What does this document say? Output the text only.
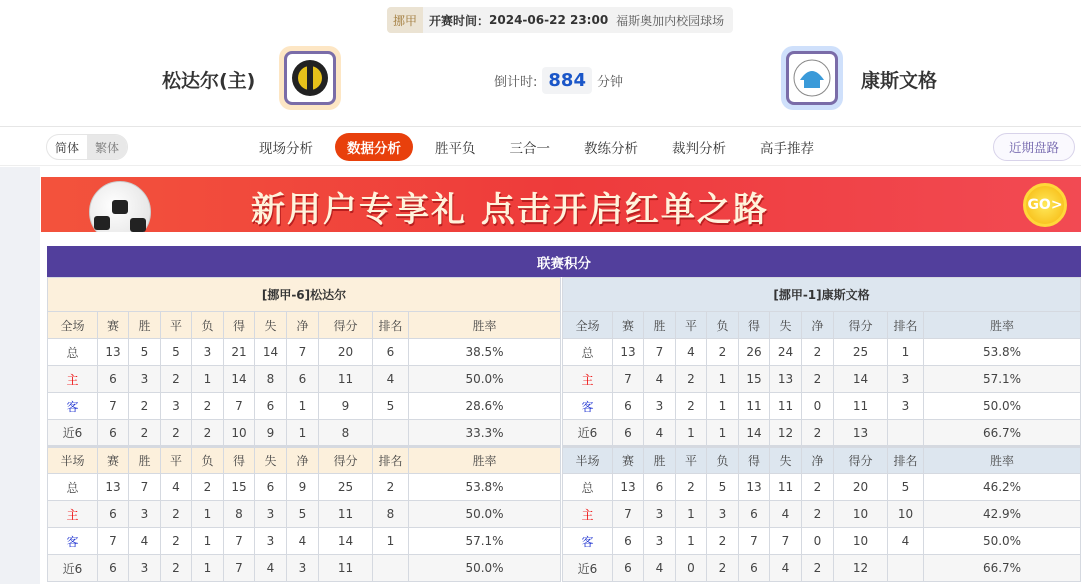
挪甲	开赛时间： 2024-06-22 23:00 福斯奥加内校园球场
松达尔(主)	倒计时: 884 分钟	康斯文格
简体	繁体	现场分析	数据分析	胜平负	三合一	教练分析	裁判分析	高手推荐	近期盘路
新用户专享礼 点击开启红单之路	GO>
联赛积分
[挪甲-6]松达尔										
全场	赛	胜	平	负	得	失	净	得分	排名	胜率
总	13	5	5	3	21	14	7	20	6	38.5%
主	6	3	2	1	14	8	6	11	4	50.0%
客	7	2	3	2	7	6	1	9	5	28.6%
近6	6	2	2	2	10	9	1	8		33.3%
半场	赛	胜	平	负	得	失	净	得分	排名	胜率
总	13	7	4	2	15	6	9	25	2	53.8%
主	6	3	2	1	8	3	5	11	8	50.0%
客	7	4	2	1	7	3	4	14	1	57.1%
近6	6	3	2	1	7	4	3	11		50.0%
[挪甲-1]康斯文格										
全场	赛	胜	平	负	得	失	净	得分	排名	胜率
总	13	7	4	2	26	24	2	25	1	53.8%
主	7	4	2	1	15	13	2	14	3	57.1%
客	6	3	2	1	11	11	0	11	3	50.0%
近6	6	4	1	1	14	12	2	13		66.7%
半场	赛	胜	平	负	得	失	净	得分	排名	胜率
总	13	6	2	5	13	11	2	20	5	46.2%
主	7	3	1	3	6	4	2	10	10	42.9%
客	6	3	1	2	7	7	0	10	4	50.0%
近6	6	4	0	2	6	4	2	12		66.7%
